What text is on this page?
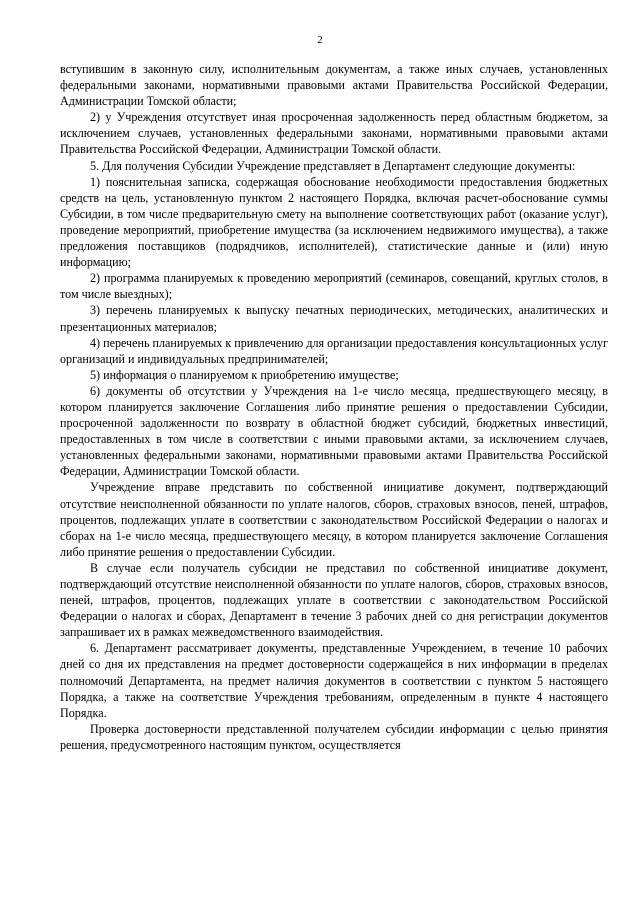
2

вступившим в законную силу, исполнительным документам, а также иных случаев, установленных федеральными законами, нормативными правовыми актами Правительства Российской Федерации, Администрации Томской области;

2) у Учреждения отсутствует иная просроченная задолженность перед областным бюджетом, за исключением случаев, установленных федеральными законами, нормативными правовыми актами Правительства Российской Федерации, Администрации Томской области.

5. Для получения Субсидии Учреждение представляет в Департамент следующие документы:

1) пояснительная записка, содержащая обоснование необходимости предоставления бюджетных средств на цель, установленную пунктом 2 настоящего Порядка, включая расчет-обоснование суммы Субсидии, в том числе предварительную смету на выполнение соответствующих работ (оказание услуг), проведение мероприятий, приобретение имущества (за исключением недвижимого имущества), а также предложения поставщиков (подрядчиков, исполнителей), статистические данные и (или) иную информацию;

2) программа планируемых к проведению мероприятий (семинаров, совещаний, круглых столов, в том числе выездных);

3) перечень планируемых к выпуску печатных периодических, методических, аналитических и презентационных материалов;

4) перечень планируемых к привлечению для организации предоставления консультационных услуг организаций и индивидуальных предпринимателей;

5) информация о планируемом к приобретению имуществе;

6) документы об отсутствии у Учреждения на 1-е число месяца, предшествующего месяцу, в котором планируется заключение Соглашения либо принятие решения о предоставлении Субсидии, просроченной задолженности по возврату в областной бюджет субсидий, бюджетных инвестиций, предоставленных в том числе в соответствии с иными правовыми актами, за исключением случаев, установленных федеральными законами, нормативными правовыми актами Правительства Российской Федерации, Администрации Томской области.

Учреждение вправе представить по собственной инициативе документ, подтверждающий отсутствие неисполненной обязанности по уплате налогов, сборов, страховых взносов, пеней, штрафов, процентов, подлежащих уплате в соответствии с законодательством Российской Федерации о налогах и сборах на 1-е число месяца, предшествующего месяцу, в котором планируется заключение Соглашения либо принятие решения о предоставлении Субсидии.

В случае если получатель субсидии не представил по собственной инициативе документ, подтверждающий отсутствие неисполненной обязанности по уплате налогов, сборов, страховых взносов, пеней, штрафов, процентов, подлежащих уплате в соответствии с законодательством Российской Федерации о налогах и сборах, Департамент в течение 3 рабочих дней со дня регистрации документов запрашивает их в рамках межведомственного взаимодействия.

6. Департамент рассматривает документы, представленные Учреждением, в течение 10 рабочих дней со дня их представления на предмет достоверности содержащейся в них информации в пределах полномочий Департамента, на предмет наличия документов в соответствии с пунктом 5 настоящего Порядка, а также на соответствие Учреждения требованиям, определенным в пункте 4 настоящего Порядка.

Проверка достоверности представленной получателем субсидии информации с целью принятия решения, предусмотренного настоящим пунктом, осуществляется
